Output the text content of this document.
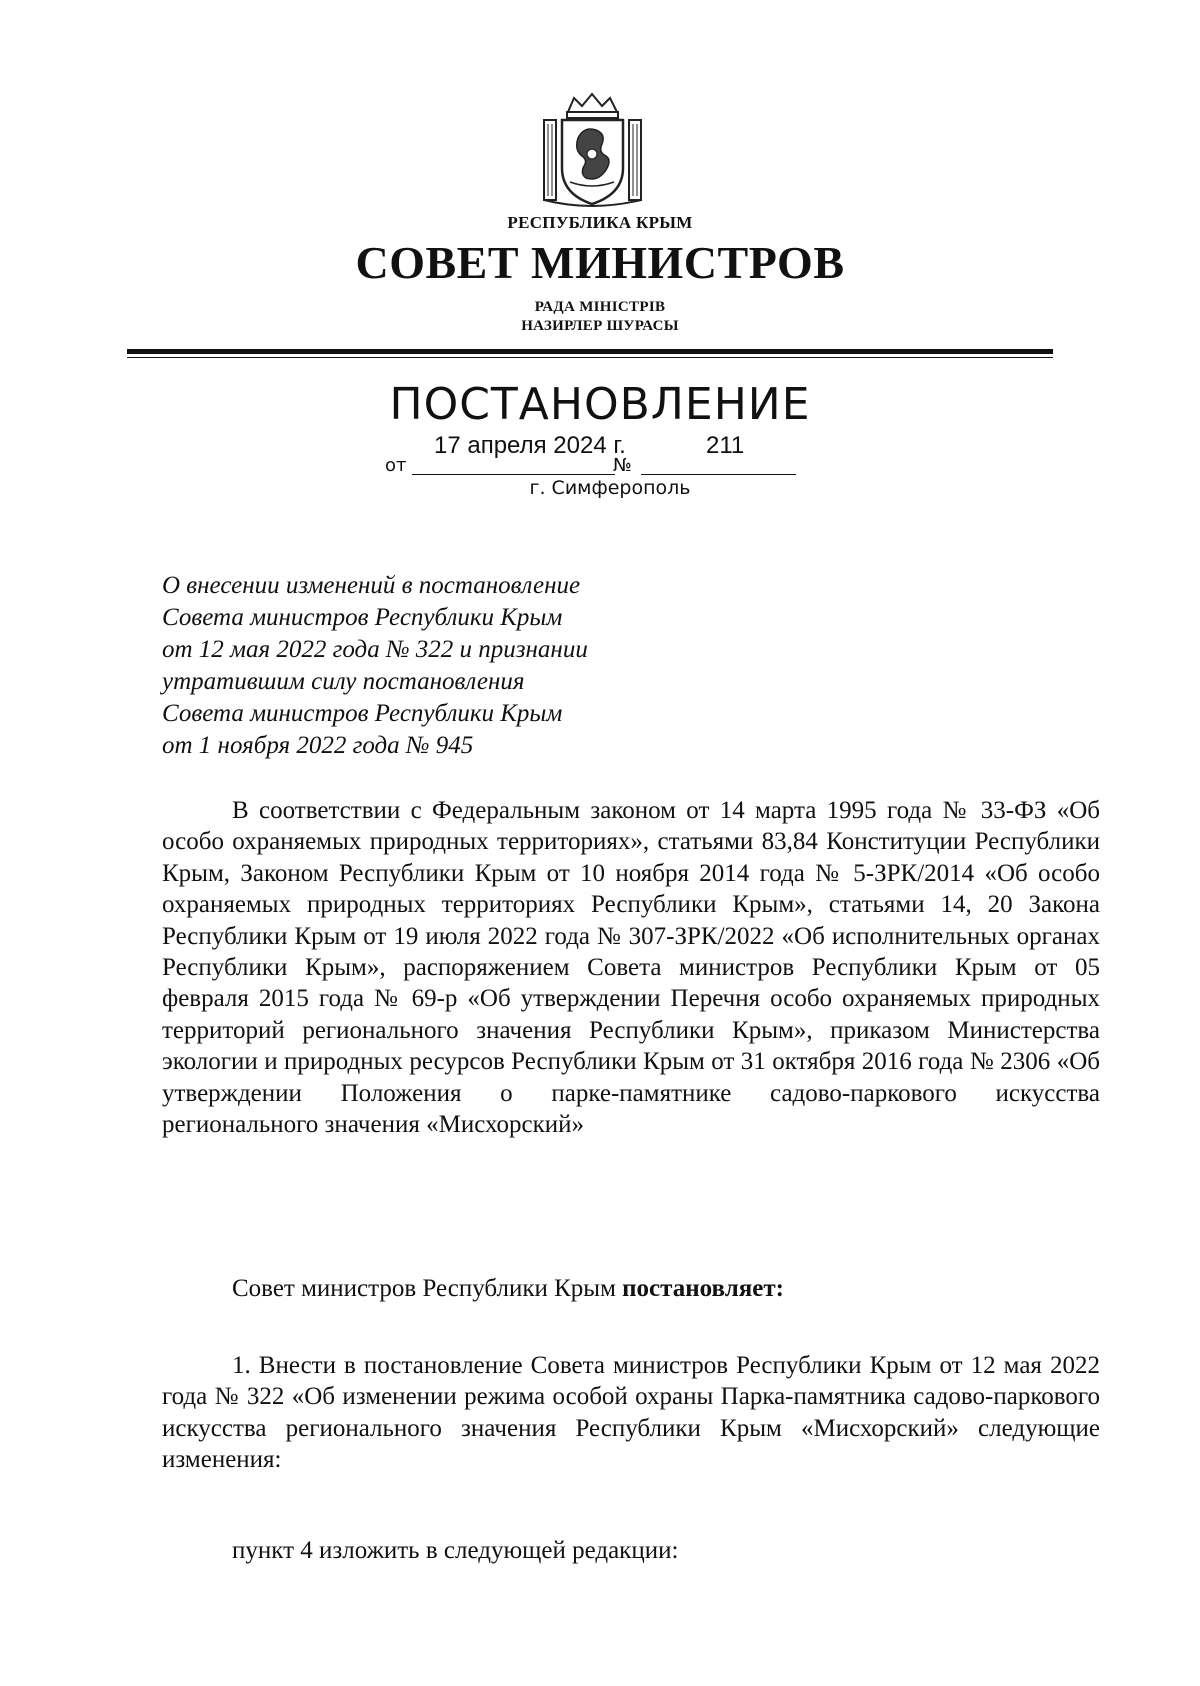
РЕСПУБЛИКА КРЫМ
СОВЕТ МИНИСТРОВ
РАДА МІНІСТРІВ
НАЗИРЛЕР ШУРАСЫ
ПОСТАНОВЛЕНИЕ
от
17 апреля 2024 г.
№
211
г. Симферополь
О внесении изменений в постановление
Совета министров Республики Крым
от 12 мая 2022 года № 322 и признании
утратившим силу постановления
Совета министров Республики Крым
от 1 ноября 2022 года № 945
В соответствии с Федеральным законом от 14 марта 1995 года № 33-ФЗ «Об особо охраняемых природных территориях», статьями 83,84 Конституции Республики Крым, Законом Республики Крым от 10 ноября 2014 года № 5-ЗРК/2014 «Об особо охраняемых природных территориях Республики Крым», статьями 14, 20 Закона Республики Крым от 19 июля 2022 года № 307-ЗРК/2022 «Об исполнительных органах Республики Крым», распоряжением Совета министров Республики Крым от 05 февраля 2015 года № 69-р «Об утверждении Перечня особо охраняемых природных территорий регионального значения Республики Крым», приказом Министерства экологии и природных ресурсов Республики Крым от 31 октября 2016 года № 2306 «Об утверждении Положения о парке-памятнике садово-паркового искусства регионального значения «Мисхорский»
Совет министров Республики Крым постановляет:
1. Внести в постановление Совета министров Республики Крым от 12 мая 2022 года № 322 «Об изменении режима особой охраны Парка-памятника садово-паркового искусства регионального значения Республики Крым «Мисхорский» следующие изменения:
пункт 4 изложить в следующей редакции:
